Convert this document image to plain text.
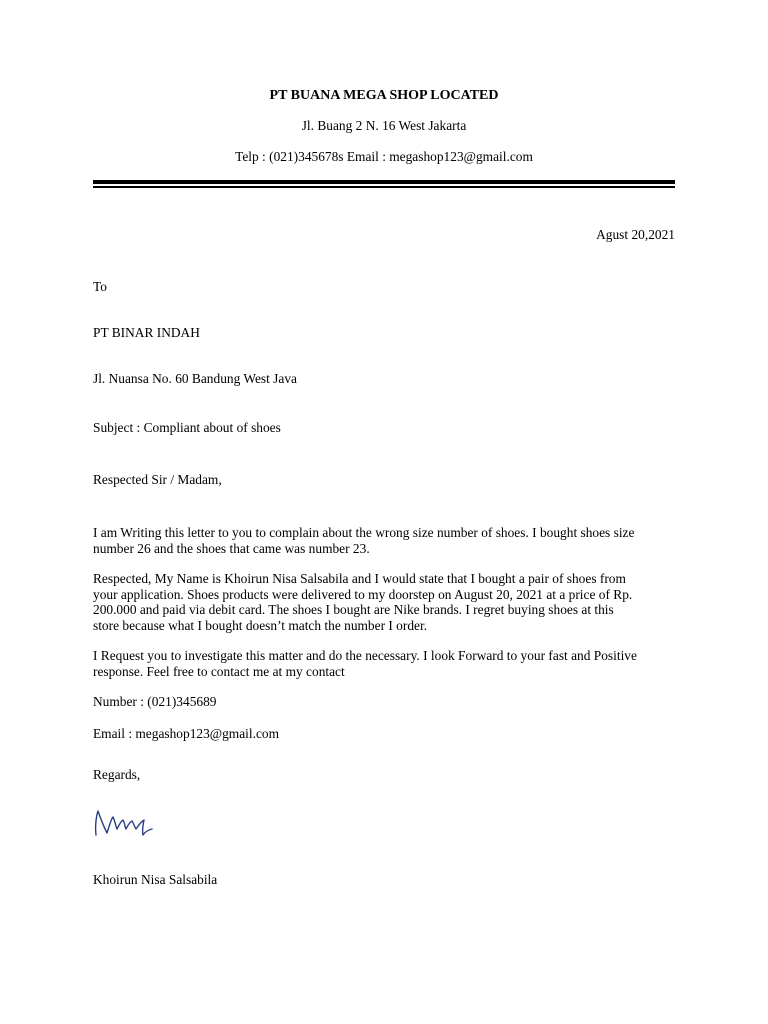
PT BUANA MEGA SHOP LOCATED
Jl. Buang 2 N. 16 West Jakarta
Telp : (021)345678s Email : megashop123@gmail.com
Agust 20,2021
To
PT BINAR INDAH
Jl. Nuansa No. 60 Bandung West Java
Subject : Compliant about of shoes
Respected Sir / Madam,
I am Writing this letter to you to complain about the wrong size number of shoes. I bought shoes size
number 26 and the shoes that came was number 23.
Respected, My Name is Khoirun Nisa Salsabila and I would state that I bought a pair of shoes from
your application. Shoes products were delivered to my doorstep on August 20, 2021 at a price of Rp.
200.000 and paid via debit card. The shoes I bought are Nike brands. I regret buying shoes at this
store because what I bought doesn’t match the number I order.
I Request you to investigate this matter and do the necessary. I look Forward to your fast and Positive
response. Feel free to contact me at my contact
Number : (021)345689
Email : megashop123@gmail.com
Regards,
Khoirun Nisa Salsabila
